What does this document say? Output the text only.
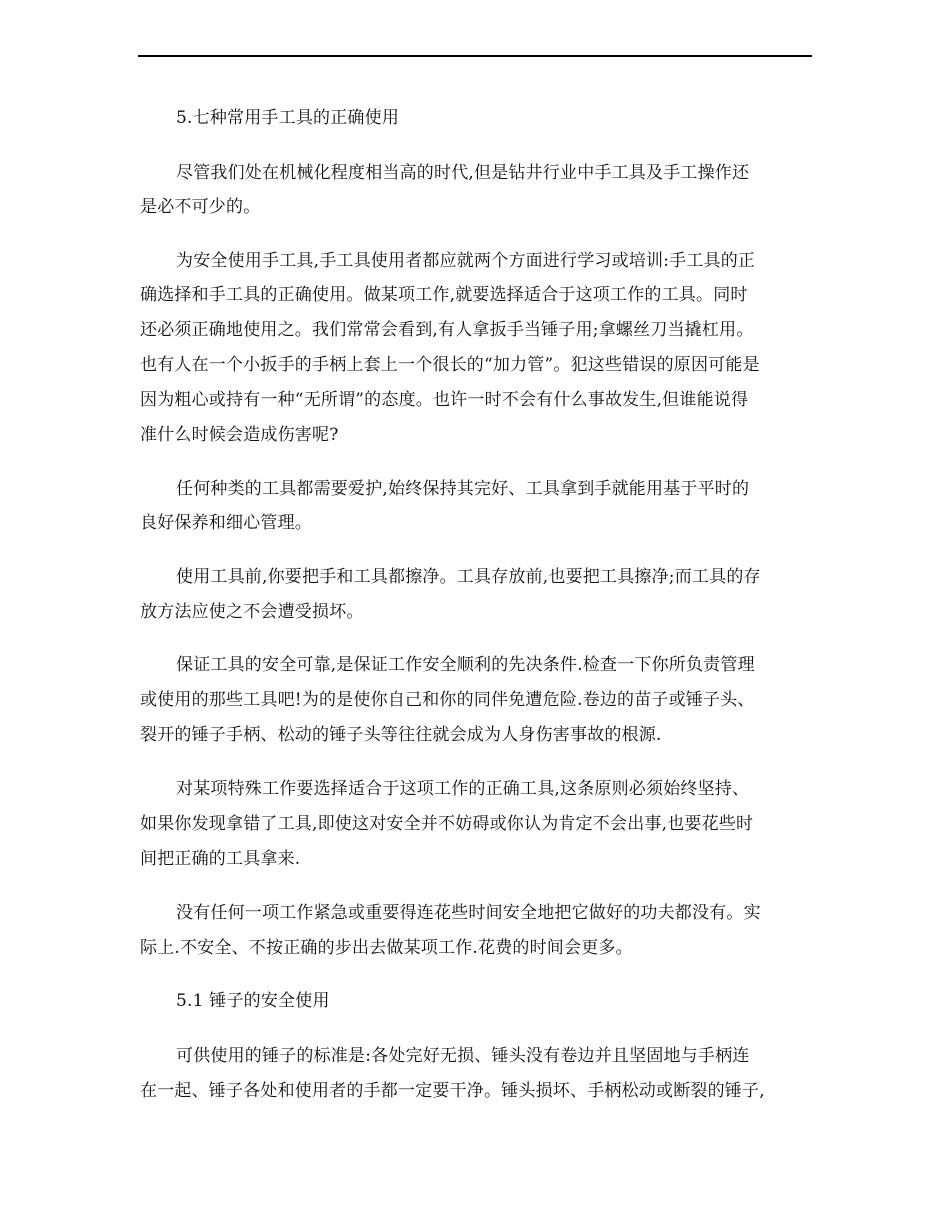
5.七种常用手工具的正确使用
尽管我们处在机械化程度相当高的时代,但是钻井行业中手工具及手工操作还
是必不可少的。
为安全使用手工具,手工具使用者都应就两个方面进行学习或培训:手工具的正
确选择和手工具的正确使用。做某项工作,就要选择适合于这项工作的工具。同时
还必须正确地使用之。我们常常会看到,有人拿扳手当锤子用;拿螺丝刀当撬杠用。
也有人在一个小扳手的手柄上套上一个很长的“加力管”。犯这些错误的原因可能是
因为粗心或持有一种“无所谓”的态度。也许一时不会有什么事故发生,但谁能说得
准什么时候会造成伤害呢?
任何种类的工具都需要爱护,始终保持其完好、工具拿到手就能用基于平时的
良好保养和细心管理。
使用工具前,你要把手和工具都擦净。工具存放前,也要把工具擦净;而工具的存
放方法应使之不会遭受损坏。
保证工具的安全可靠,是保证工作安全顺利的先决条件.检查一下你所负责管理
或使用的那些工具吧!为的是使你自己和你的同伴免遭危险.卷边的苗子或锤子头、
裂开的锤子手柄、松动的锤子头等往往就会成为人身伤害事故的根源.
对某项特殊工作要选择适合于这项工作的正确工具,这条原则必须始终坚持、
如果你发现拿错了工具,即使这对安全并不妨碍或你认为肯定不会出事,也要花些时
间把正确的工具拿来.
没有任何一项工作紧急或重要得连花些时间安全地把它做好的功夫都没有。实
际上.不安全、不按正确的步出去做某项工作.花费的时间会更多。
5.1 锤子的安全使用
可供使用的锤子的标准是:各处完好无损、锤头没有卷边并且坚固地与手柄连
在一起、锤子各处和使用者的手都一定要干净。锤头损坏、手柄松动或断裂的锤子,
